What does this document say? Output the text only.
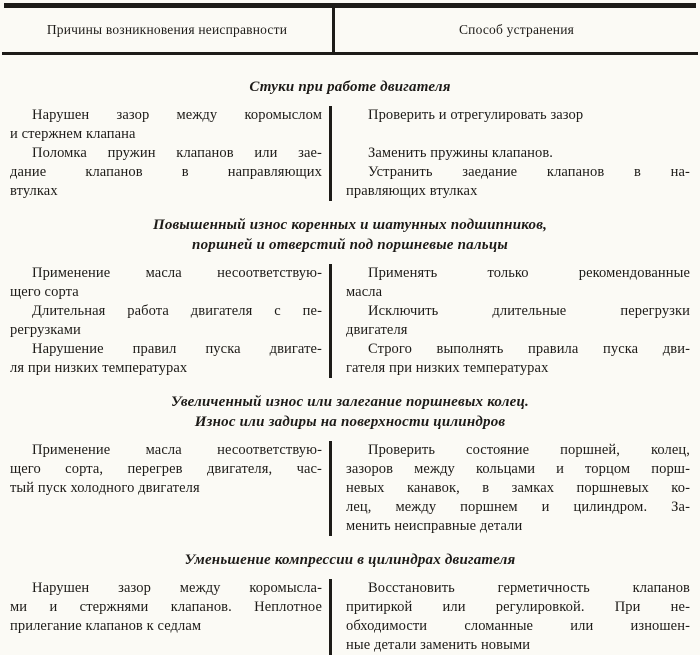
Причины возникновения неисправности	Способ устранения
Стуки при работе двигателя

Нарушен зазор между коромыслом
и стержнем клапана

Проверить и отрегулировать зазор

Поломка пружин клапанов или зае-
дание клапанов в направляющих
втулках

Заменить пружины клапанов.

Устранить заедание клапанов в на-
правляющих втулках

Повышенный износ коренных и шатунных подшипников,
поршней и отверстий под поршневые пальцы

Применение масла несоответствую-
щего сорта

Применять только рекомендованные
масла

Длительная работа двигателя с пе-
регрузками

Исключить длительные перегрузки
двигателя

Нарушение правил пуска двигате-
ля при низких температурах

Строго выполнять правила пуска дви-
гателя при низких температурах

Увеличенный износ или залегание поршневых колец.
Износ или задиры на поверхности цилиндров

Применение масла несоответствую-
щего сорта, перегрев двигателя, час-
тый пуск холодного двигателя

Проверить состояние поршней, колец,
зазоров между кольцами и торцом порш-
невых канавок, в замках поршневых ко-
лец, между поршнем и цилиндром. За-
менить неисправные детали

Уменьшение компрессии в цилиндрах двигателя

Нарушен зазор между коромысла-
ми и стержнями клапанов. Неплотное
прилегание клапанов к седлам

Восстановить герметичность клапанов
притиркой или регулировкой. При не-
обходимости сломанные или изношен-
ные детали заменить новыми
